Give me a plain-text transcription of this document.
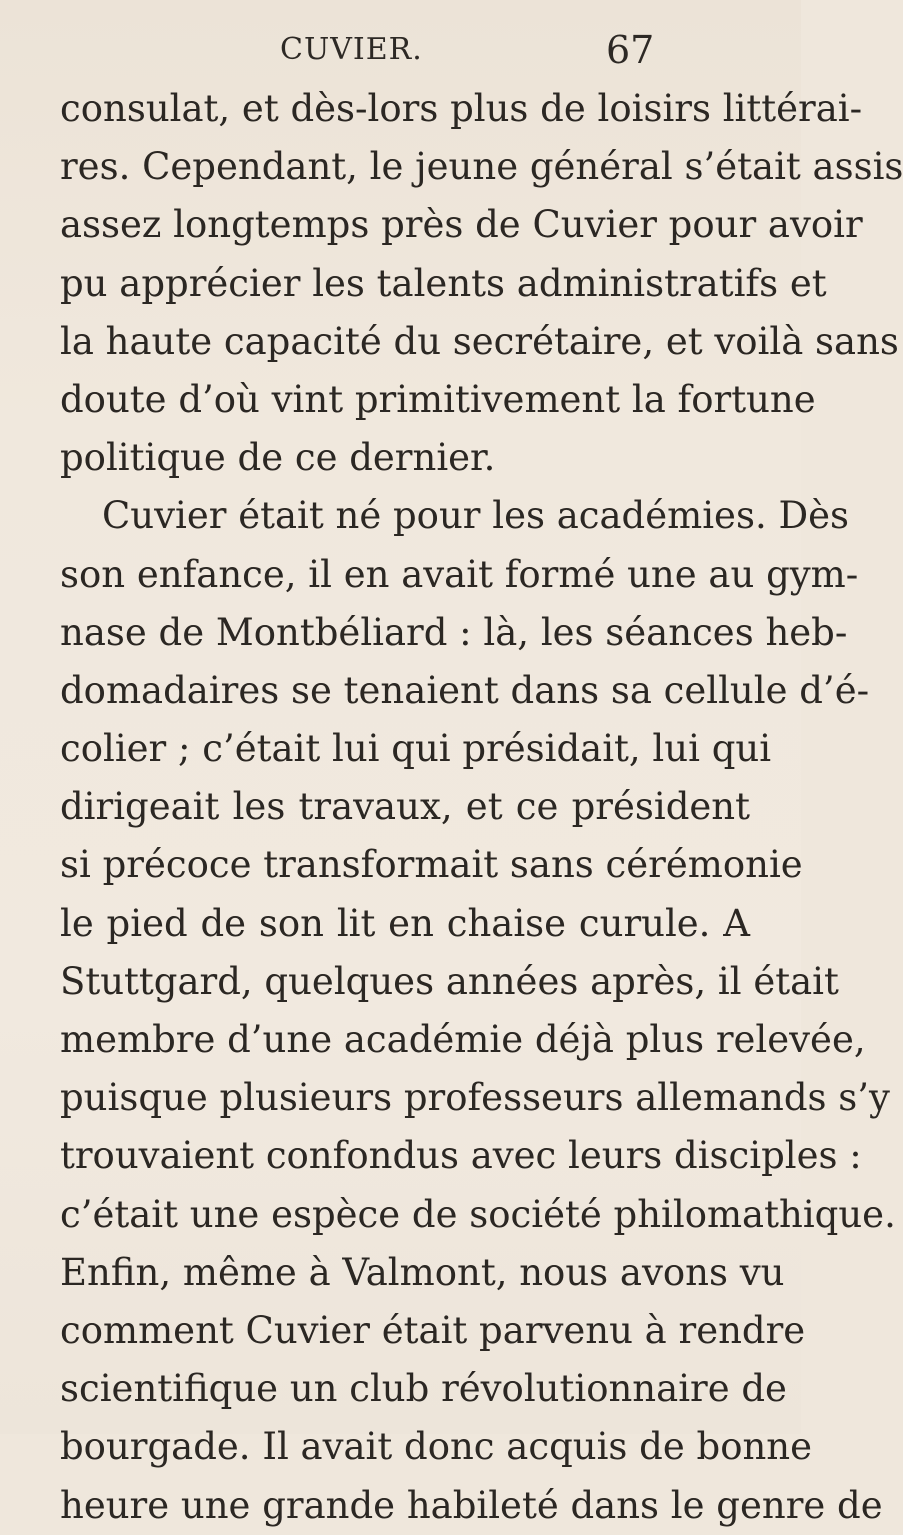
CUVIER.	67
consulat, et dès-lors plus de loisirs littérai-
res. Cependant, le jeune général s’était assis
assez longtemps près de Cuvier pour avoir
pu apprécier les talents administratifs et
la haute capacité du secrétaire, et voilà sans
doute d’où vint primitivement la fortune
politique de ce dernier.
Cuvier était né pour les académies. Dès
son enfance, il en avait formé une au gym-
nase de Montbéliard : là, les séances heb-
domadaires se tenaient dans sa cellule d’é-
colier ; c’était lui qui présidait, lui qui
dirigeait les travaux, et ce président
si précoce transformait sans cérémonie
le pied de son lit en chaise curule. A
Stuttgard, quelques années après, il était
membre d’une académie déjà plus relevée,
puisque plusieurs professeurs allemands s’y
trouvaient confondus avec leurs disciples :
c’était une espèce de société philomathique.
Enfin, même à Valmont, nous avons vu
comment Cuvier était parvenu à rendre
scientifique un club révolutionnaire de
bourgade. Il avait donc acquis de bonne
heure une grande habileté dans le genre de
